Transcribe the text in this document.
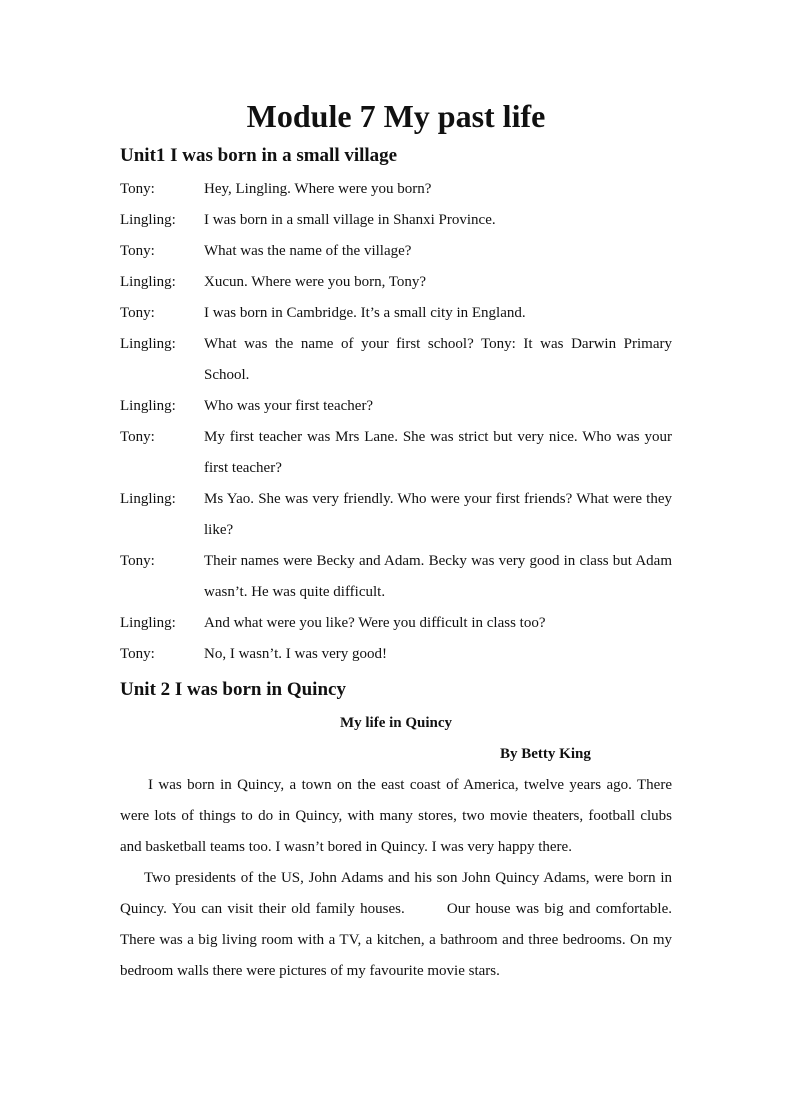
Module 7 My past life
Unit1 I was born in a small village
Tony:	Hey, Lingling. Where were you born?
Lingling:	I was born in a small village in Shanxi Province.
Tony:	What was the name of the village?
Lingling:	Xucun. Where were you born, Tony?
Tony:	I was born in Cambridge. It’s a small city in England.
Lingling:	What was the name of your first school? Tony: It was Darwin Primary School.
Lingling:	Who was your first teacher?
Tony:	My first teacher was Mrs Lane. She was strict but very nice. Who was your first teacher?
Lingling:	Ms Yao. She was very friendly. Who were your first friends? What were they like?
Tony:	Their names were Becky and Adam. Becky was very good in class but Adam wasn’t. He was quite difficult.
Lingling:	And what were you like? Were you difficult in class too?
Tony:	No, I wasn’t. I was very good!
Unit 2 I was born in Quincy
My life in Quincy
By Betty King

I was born in Quincy, a town on the east coast of America, twelve years ago. There were lots of things to do in Quincy, with many stores, two movie theaters, football clubs and basketball teams too. I wasn’t bored in Quincy. I was very happy there.

Two presidents of the US, John Adams and his son John Quincy Adams, were born in Quincy. You can visit their old family houses.        Our house was big and comfortable. There was a big living room with a TV, a kitchen, a bathroom and three bedrooms. On my bedroom walls there were pictures of my favourite movie stars.
